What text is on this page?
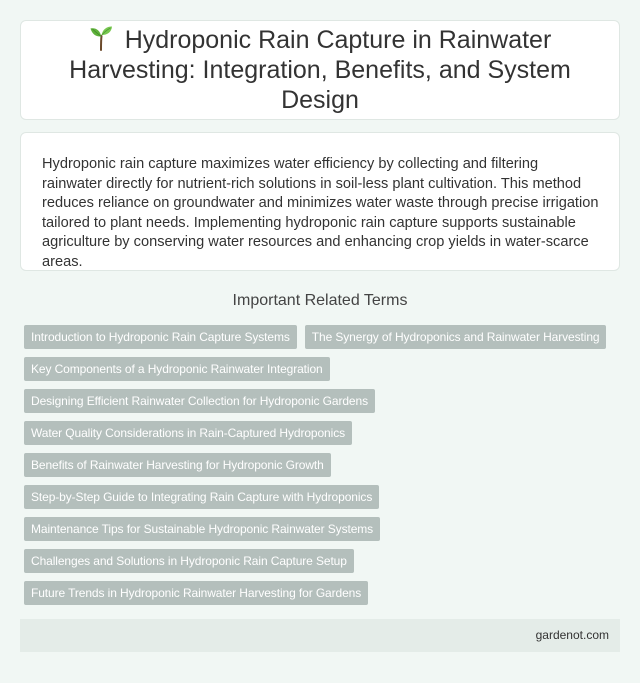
Hydroponic Rain Capture in Rainwater Harvesting: Integration, Benefits, and System Design

Hydroponic rain capture maximizes water efficiency by collecting and filtering rainwater directly for nutrient-rich solutions in soil-less plant cultivation. This method reduces reliance on groundwater and minimizes water waste through precise irrigation tailored to plant needs. Implementing hydroponic rain capture supports sustainable agriculture by conserving water resources and enhancing crop yields in water-scarce areas.

Important Related Terms
Introduction to Hydroponic Rain Capture Systems	The Synergy of Hydroponics and Rainwater Harvesting
Key Components of a Hydroponic Rainwater Integration
Designing Efficient Rainwater Collection for Hydroponic Gardens
Water Quality Considerations in Rain-Captured Hydroponics
Benefits of Rainwater Harvesting for Hydroponic Growth
Step-by-Step Guide to Integrating Rain Capture with Hydroponics
Maintenance Tips for Sustainable Hydroponic Rainwater Systems
Challenges and Solutions in Hydroponic Rain Capture Setup
Future Trends in Hydroponic Rainwater Harvesting for Gardens
gardenot.com
